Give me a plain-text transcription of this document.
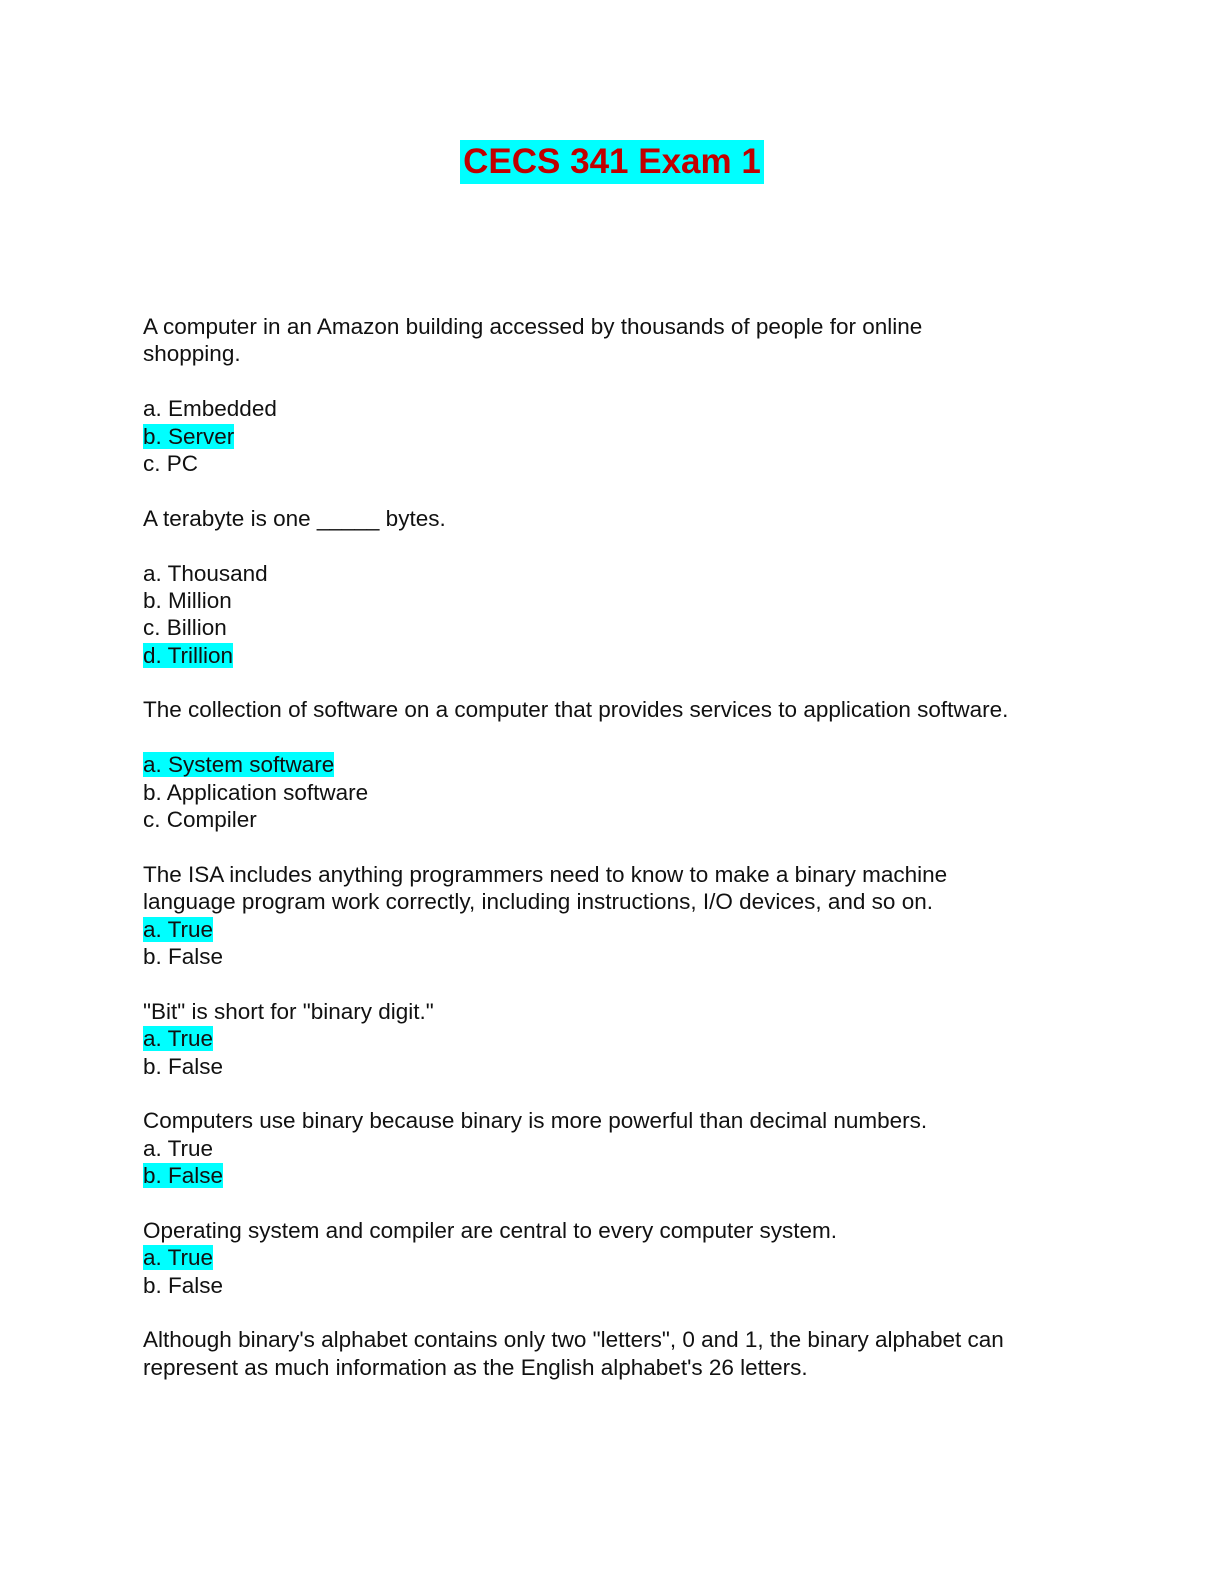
CECS 341 Exam 1
A computer in an Amazon building accessed by thousands of people for online
shopping.
a. Embedded
b. Server
c. PC
A terabyte is one _____ bytes.
a. Thousand
b. Million
c. Billion
d. Trillion
The collection of software on a computer that provides services to application software.
a. System software
b. Application software
c. Compiler
The ISA includes anything programmers need to know to make a binary machine
language program work correctly, including instructions, I/O devices, and so on.
a. True
b. False
"Bit" is short for "binary digit."
a. True
b. False
Computers use binary because binary is more powerful than decimal numbers.
a. True
b. False
Operating system and compiler are central to every computer system.
a. True
b. False
Although binary's alphabet contains only two "letters", 0 and 1, the binary alphabet can
represent as much information as the English alphabet's 26 letters.
